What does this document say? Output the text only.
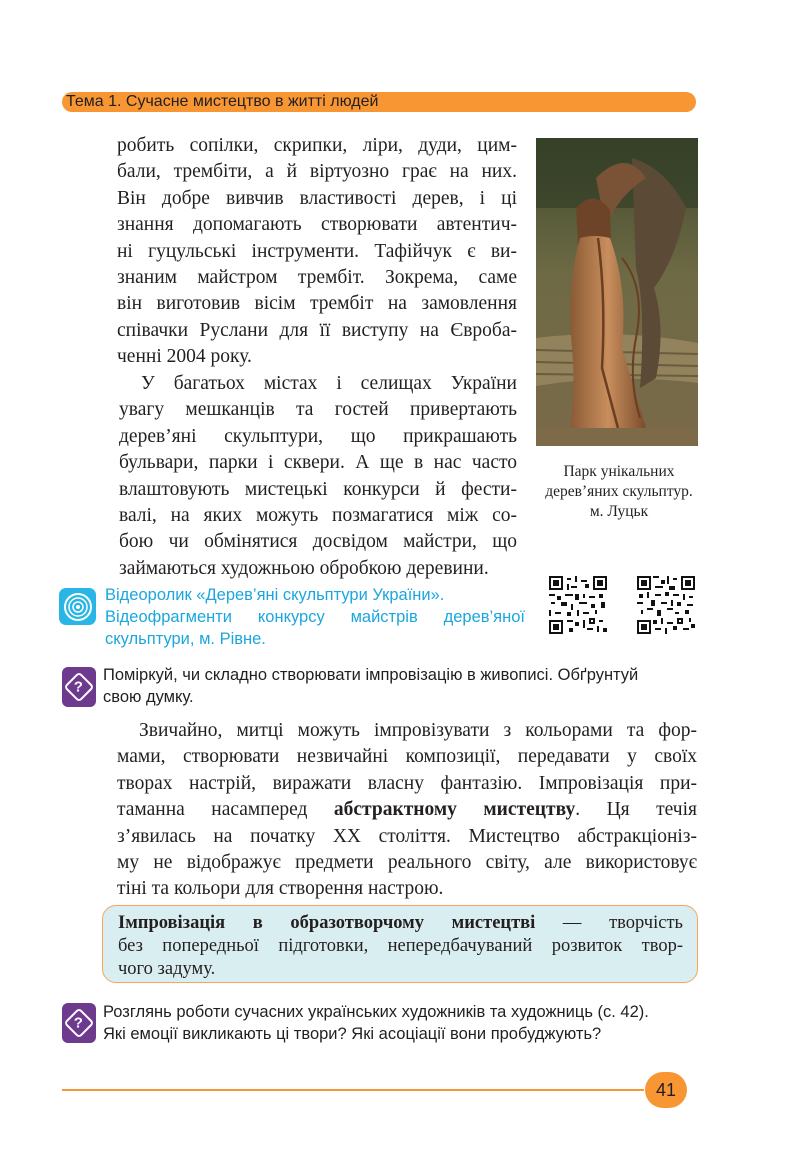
Тема 1. Сучасне мистецтво в житті людей
робить сопілки, скрипки, ліри, дуди, цим-
бали, трембіти, а й віртуозно грає на них.
Він добре вивчив властивості дерев, і ці
знання допомагають створювати автентич-
ні гуцульські інструменти. Тафійчук є ви-
знаним майстром трембіт. Зокрема, саме
він виготовив вісім трембіт на замовлення
співачки Руслани для її виступу на Євроба-
ченні 2004 року.
У багатьох містах і селищах України
увагу мешканців та гостей привертають
дерев’яні скульптури, що прикрашають
бульвари, парки і сквери. А ще в нас часто
влаштовують мистецькі конкурси й фести-
валі, на яких можуть позмагатися між со-
бою чи обмінятися досвідом майстри, що
займаються художньою обробкою деревини.
Парк унікальних
дерев’яних скульптур.
м. Луцьк
Відеоролик «Дерев’яні скульптури України».
Відеофрагменти конкурсу майстрів дерев’яної
скульптури, м. Рівне.
?
Поміркуй, чи складно створювати імпровізацію в живописі. Обґрунтуй
свою думку.
Звичайно, митці можуть імпровізувати з кольорами та фор-
мами, створювати незвичайні композиції, передавати у своїх
творах настрій, виражати власну фантазію. Імпровізація при-
таманна насамперед абстрактному мистецтву. Ця течія
з’явилась на початку XX століття. Мистецтво абстракціоніз-
му не відображує предмети реального світу, але використовує
тіні та кольори для створення настрою.
Імпровізація в образотворчому мистецтві — творчість
без попередньої підготовки, непередбачуваний розвиток твор-
чого задуму.
?
Розглянь роботи сучасних українських художників та художниць (с. 42).
Які емоції викликають ці твори? Які асоціації вони пробуджують?
41
